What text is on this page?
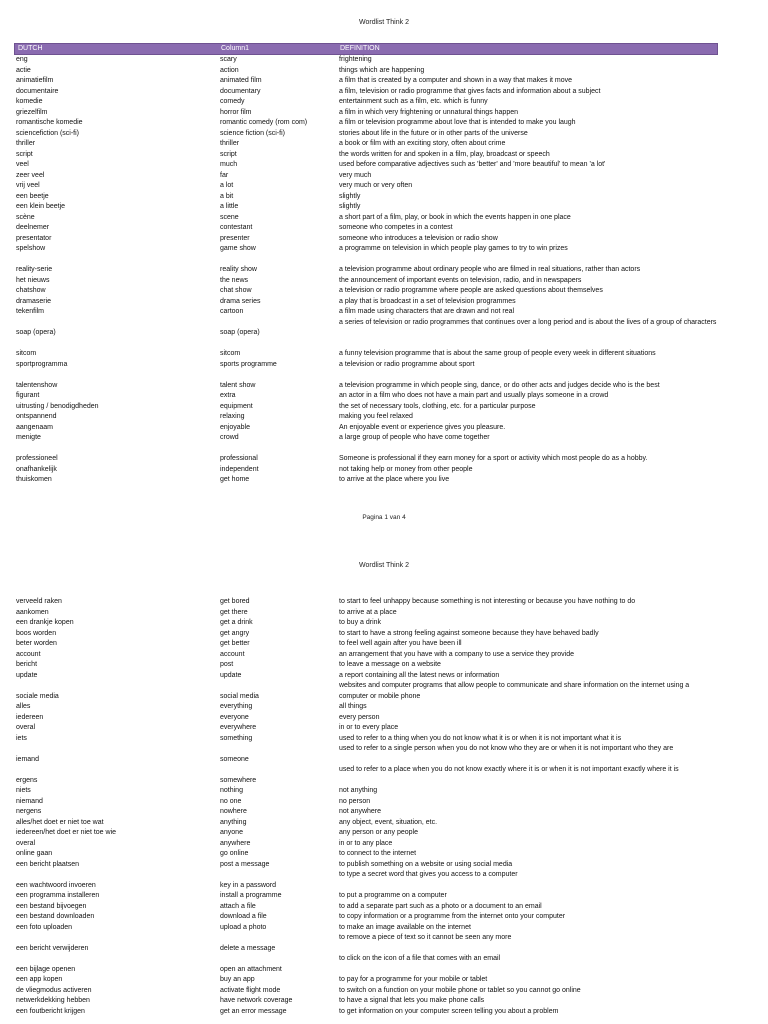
Wordlist Think 2
DUTCH	Column1	DEFINITION
eng	scary	frightening
actie	action	things which are happening
animatiefilm	animated film	a film that is created by a computer and shown in a way that makes it move
documentaire	documentary	a film, television or radio programme that gives facts and information about a subject
komedie	comedy	entertainment such as a film, etc. which is funny
griezelfilm	horror film	a film in which very frightening or unnatural things happen
romantische komedie	romantic comedy (rom com)	a film or television programme about love that is intended to make you laugh
sciencefiction (sci-fi)	science fiction (sci-fi)	stories about life in the future or in other parts of the universe
thriller	thriller	a book or film with an exciting story, often about crime
script	script	the words written for and spoken in a film, play, broadcast or speech
veel	much	used before comparative adjectives such as 'better' and 'more beautiful' to mean 'a lot'
zeer veel	far	very much
vrij veel	a lot	very much or very often
een beetje	a bit	slightly
een klein beetje	a little	slightly
scène	scene	a short part of a film, play, or book in which the events happen in one place
deelnemer	contestant	someone who competes in a contest
presentator	presenter	someone who introduces a television or radio show
spelshow	game show	a programme on television in which people play games to try to win prizes
reality-serie	reality show	a television programme about ordinary people who are filmed in real situations, rather than actors
het nieuws	the news	the announcement of important events on television, radio, and in newspapers
chatshow	chat show	a television or radio programme where people are asked questions about themselves
dramaserie	drama series	a play that is broadcast in a set of television programmes
tekenfilm	cartoon	a film made using characters that are drawn and not real
soap (opera)	soap (opera)
a series of television or radio programmes that continues over a long period and is about the lives of a group of characters
sitcom	sitcom	a funny television programme that is about the same group of people every week in different situations
sportprogramma	sports programme	a television or radio programme about sport
talentenshow	talent show	a television programme in which people sing, dance, or do other acts and judges decide who is the best
figurant	extra	an actor in a film who does not have a main part and usually plays someone in a crowd
uitrusting / benodigdheden	equipment	the set of necessary tools, clothing, etc. for a particular purpose
ontspannend	relaxing	making you feel relaxed
aangenaam	enjoyable	An enjoyable event or experience gives you pleasure.
menigte	crowd	a large group of people who have come together
professioneel	professional	Someone is professional if they earn money for a sport or activity which most people do as a hobby.
onafhankelijk	independent	not taking help or money from other people
thuiskomen	get home	to arrive at the place where you live
Pagina 1 van 4
Wordlist Think 2
verveeld raken	get bored	to start to feel unhappy because something is not interesting or because you have nothing to do
aankomen	get there	to arrive at a place
een drankje kopen	get a drink	to buy a drink
boos worden	get angry	to start to have a strong feeling against someone because they have behaved badly
beter worden	get better	to feel well again after you have been ill
account	account	an arrangement that you have with a company to use a service they provide
bericht	post	to leave a message on a website
update	update	a report containing all the latest news or information
sociale media	social media
websites and computer programs that allow people to communicate and share information on the internet using a computer or mobile phone
alles	everything	all things
iedereen	everyone	every person
overal	everywhere	in or to every place
iets	something	used to refer to a thing when you do not know what it is or when it is not important what it is
iemand	someone
used to refer to a single person when you do not know who they are or when it is not important who they are
ergens	somewhere
used to refer to a place when you do not know exactly where it is or when it is not important exactly where it is
niets	nothing	not anything
niemand	no one	no person
nergens	nowhere	not anywhere
alles/het doet er niet toe wat	anything	any object, event, situation, etc.
iedereen/het doet er niet toe wie	anyone	any person or any people
overal	anywhere	in or to any place
online gaan	go online	to connect to the internet
een bericht plaatsen	post a message	to publish something on a website or using social media
een wachtwoord invoeren	key in a password
to type a secret word that gives you access to a computer
een programma installeren	install a programme	to put a programme on a computer
een bestand bijvoegen	attach a file	to add a separate part such as a photo or a document to an email
een bestand downloaden	download a file	to copy information or a programme from the internet onto your computer
een foto uploaden	upload a photo	to make an image available on the internet
een bericht verwijderen	delete a message
to remove a piece of text so it cannot be seen any more
een bijlage openen	open an attachment
to click on the icon of a file that comes with an email
een app kopen	buy an app	to pay for a programme for your mobile or tablet
de vliegmodus activeren	activate flight mode	to switch on a function on your mobile phone or tablet so you cannot go online
netwerkdekking hebben	have network coverage	to have a signal that lets you make phone calls
een foutbericht krijgen	get an error message	to get information on your computer screen telling you about a problem
